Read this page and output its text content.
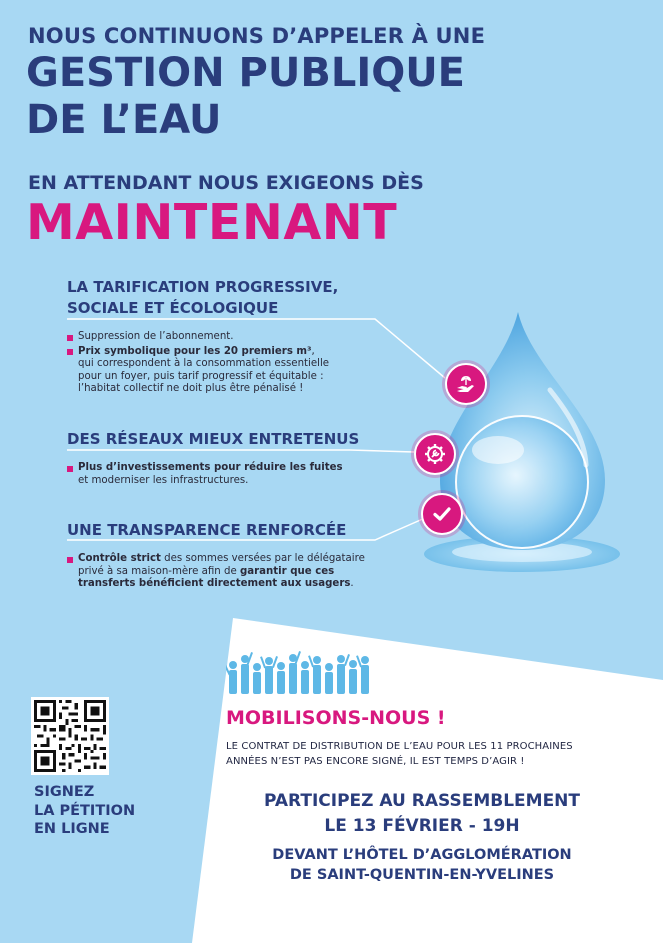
NOUS CONTINUONS D’APPELER À UNE
GESTION PUBLIQUE
DE L’EAU
EN ATTENDANT NOUS EXIGEONS DÈS
MAINTENANT
LA TARIFICATION PROGRESSIVE,
SOCIALE ET ÉCOLOGIQUE
Suppression de l’abonnement.
Prix symbolique pour les 20 premiers m³,
qui correspondent à la consommation essentielle
pour un foyer, puis tarif progressif et équitable :
l’habitat collectif ne doit plus être pénalisé !
DES RÉSEAUX MIEUX ENTRETENUS
Plus d’investissements pour réduire les fuites
et moderniser les infrastructures.
UNE TRANSPARENCE RENFORCÉE
Contrôle strict des sommes versées par le délégataire
privé à sa maison-mère afin de garantir que ces
transferts bénéficient directement aux usagers.
SIGNEZ
LA PÉTITION
EN LIGNE
MOBILISONS-NOUS !
LE CONTRAT DE DISTRIBUTION DE L’EAU POUR LES 11 PROCHAINES
ANNÉES N’EST PAS ENCORE SIGNÉ, IL EST TEMPS D’AGIR !
PARTICIPEZ AU RASSEMBLEMENT
LE 13 FÉVRIER - 19H
DEVANT L’HÔTEL D’AGGLOMÉRATION
DE SAINT-QUENTIN-EN-YVELINES
